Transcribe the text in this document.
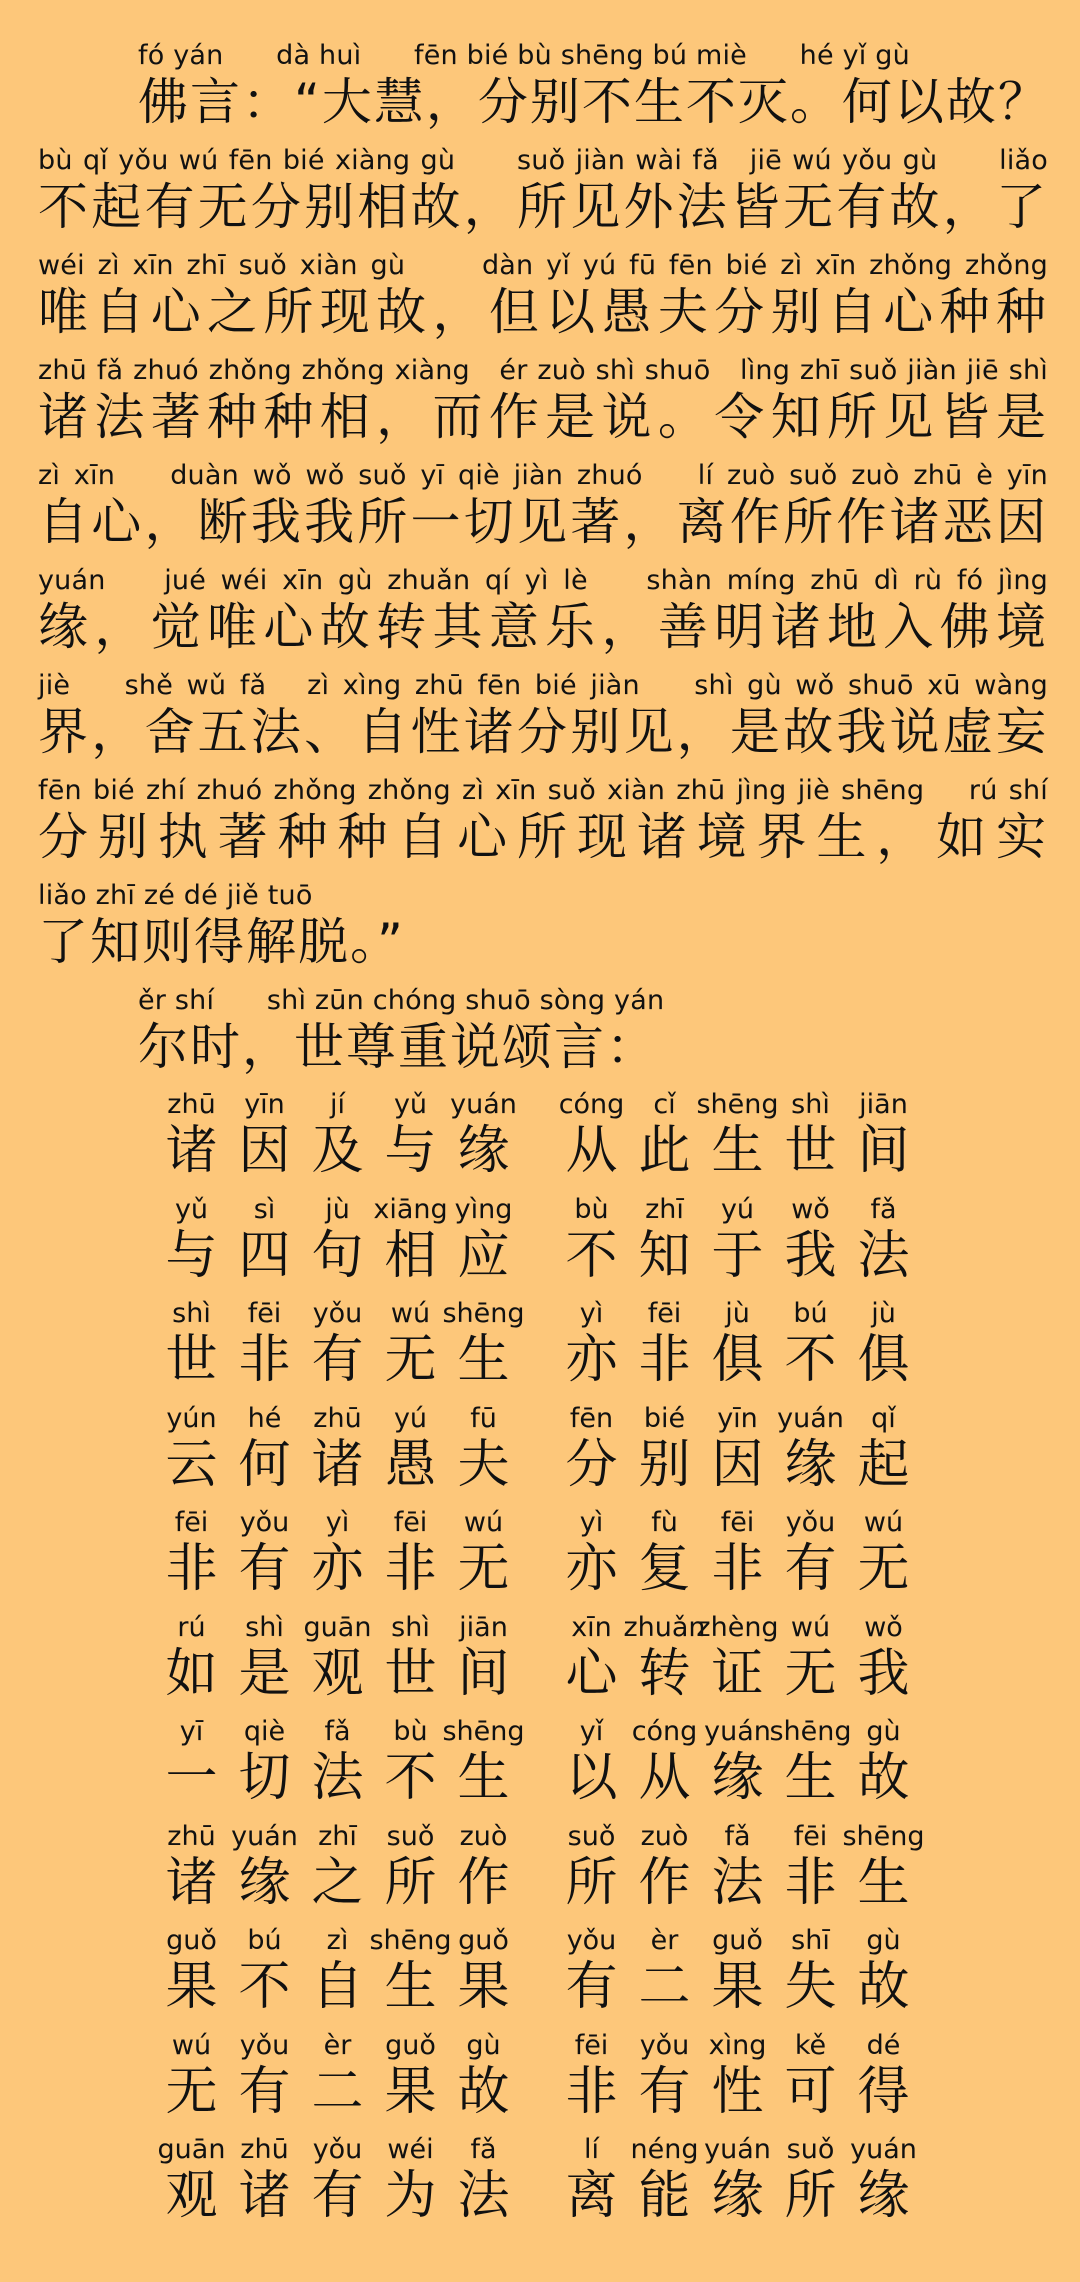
fó yán      dà huì      fēn bié bù shēng bú miè      hé yǐ gù
佛言：“大慧，分别不生不灭。何以故？
bù qǐ yǒu wú fēn bié xiàng gù      suǒ jiàn wài fǎ   jiē wú yǒu gù      liǎo
不起有无分别相故，所见外法皆无有故，了
wéi zì xīn zhī suǒ xiàn gù      dàn yǐ yú fū fēn bié zì xīn zhǒng zhǒng
唯自心之所现故，但以愚夫分别自心种种
zhū fǎ zhuó zhǒng zhǒng xiàng   ér zuò shì shuō   lìng zhī suǒ jiàn jiē shì
诸法著种种相，而作是说。令知所见皆是
zì xīn    duàn wǒ wǒ suǒ yī qiè jiàn zhuó    lí zuò suǒ zuò zhū è yīn
自心，断我我所一切见著，离作所作诸恶因
yuán    jué wéi xīn gù zhuǎn qí yì lè    shàn míng zhū dì rù fó jìng
缘，觉唯心故转其意乐，善明诸地入佛境
jiè    shě wǔ fǎ   zì xìng zhū fēn bié jiàn    shì gù wǒ shuō xū wàng
界，舍五法、自性诸分别见，是故我说虚妄
fēn bié zhí zhuó zhǒng zhǒng zì xīn suǒ xiàn zhū jìng jiè shēng    rú shí
分别执著种种自心所现诸境界生，如实
liǎo zhī zé dé jiě tuō
了知则得解脱。”
ěr shí      shì zūn chóng shuō sòng yán
尔时，世尊重说颂言：
zhū
诸
yīn
因
jí
及
yǔ
与
yuán
缘
cóng
从
cǐ
此
shēng
生
shì
世
jiān
间
yǔ
与
sì
四
jù
句
xiāng
相
yìng
应
bù
不
zhī
知
yú
于
wǒ
我
fǎ
法
shì
世
fēi
非
yǒu
有
wú
无
shēng
生
yì
亦
fēi
非
jù
俱
bú
不
jù
俱
yún
云
hé
何
zhū
诸
yú
愚
fū
夫
fēn
分
bié
别
yīn
因
yuán
缘
qǐ
起
fēi
非
yǒu
有
yì
亦
fēi
非
wú
无
yì
亦
fù
复
fēi
非
yǒu
有
wú
无
rú
如
shì
是
guān
观
shì
世
jiān
间
xīn
心
zhuǎn
转
zhèng
证
wú
无
wǒ
我
yī
一
qiè
切
fǎ
法
bù
不
shēng
生
yǐ
以
cóng
从
yuán
缘
shēng
生
gù
故
zhū
诸
yuán
缘
zhī
之
suǒ
所
zuò
作
suǒ
所
zuò
作
fǎ
法
fēi
非
shēng
生
guǒ
果
bú
不
zì
自
shēng
生
guǒ
果
yǒu
有
èr
二
guǒ
果
shī
失
gù
故
wú
无
yǒu
有
èr
二
guǒ
果
gù
故
fēi
非
yǒu
有
xìng
性
kě
可
dé
得
guān
观
zhū
诸
yǒu
有
wéi
为
fǎ
法
lí
离
néng
能
yuán
缘
suǒ
所
yuán
缘
